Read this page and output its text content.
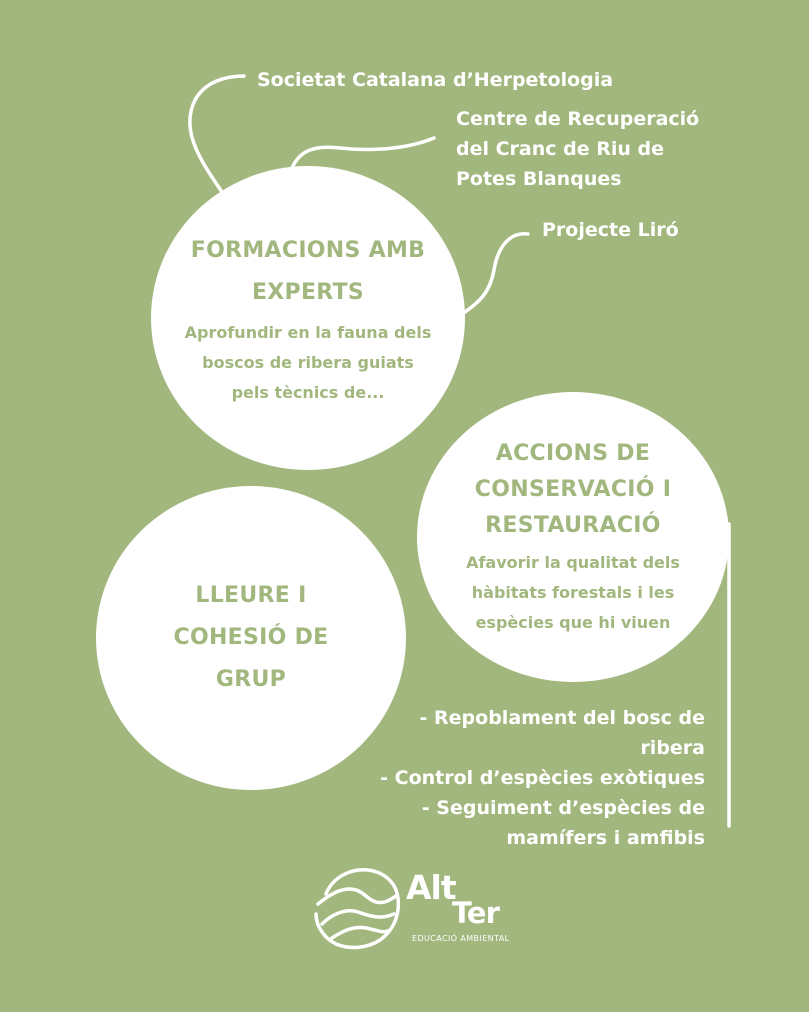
Societat Catalana d’Herpetologia
Centre de Recuperació del Cranc de Riu de Potes Blanques
Projecte Liró
FORMACIONS AMB EXPERTS
Aprofundir en la fauna dels boscos de ribera guiats pels tècnics de...
ACCIONS DE CONSERVACIÓ I RESTAURACIÓ
Afavorir la qualitat dels hàbitats forestals i les espècies que hi viuen
LLEURE I COHESIÓ DE GRUP
- Repoblament del bosc de ribera
- Control d’espècies exòtiques
- Seguiment d’espècies de mamífers i amfibis
Alt
Ter
EDUCACIÓ AMBIENTAL
